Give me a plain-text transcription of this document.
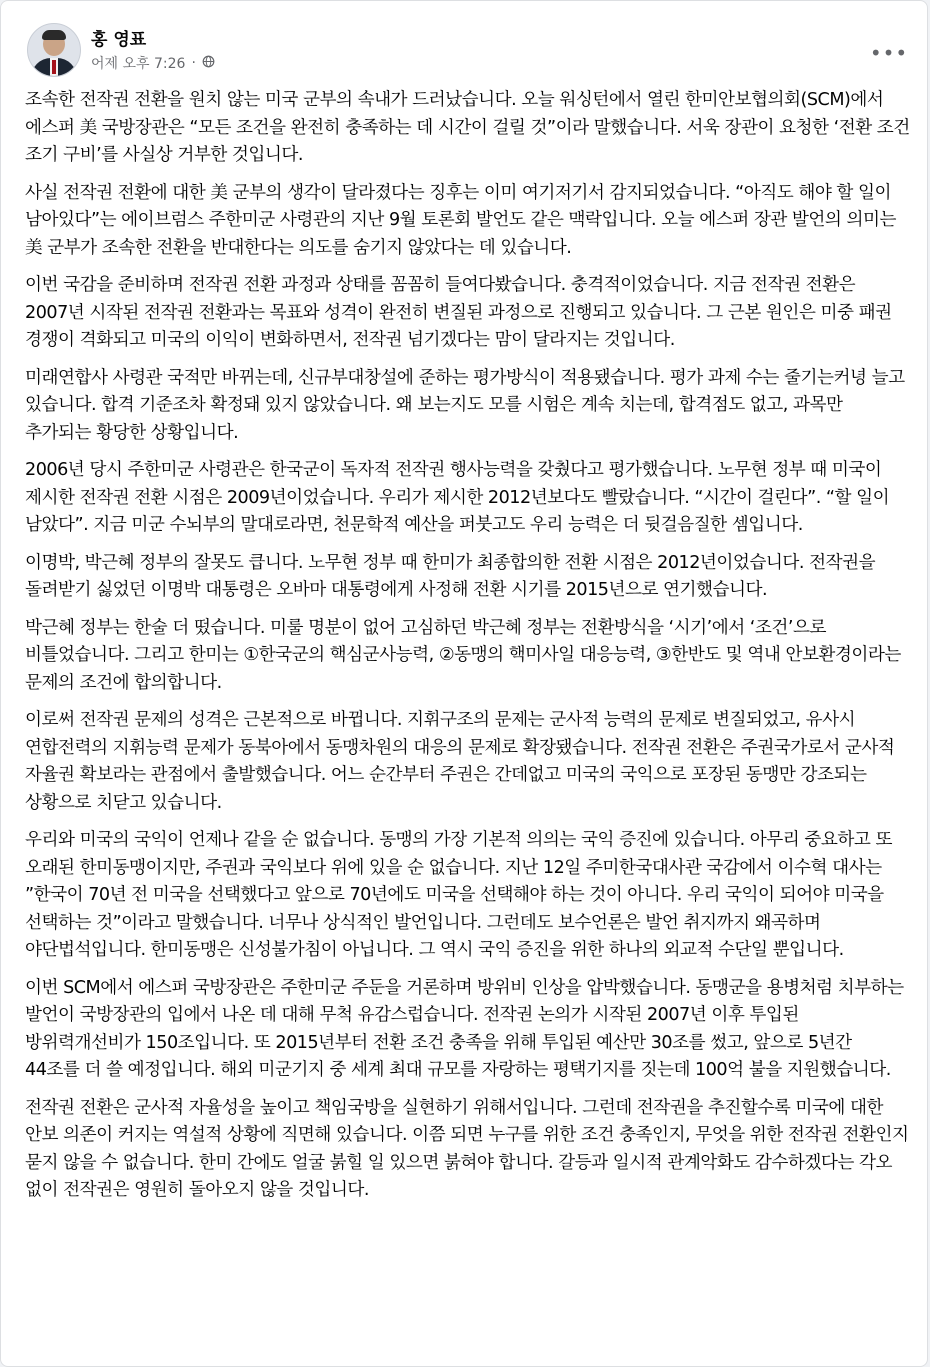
홍 영표
어제 오후 7:26 ·	•••

조속한 전작권 전환을 원치 않는 미국 군부의 속내가 드러났습니다. 오늘 워싱턴에서 열린 한미안보협의회(SCM)에서 에스퍼 美 국방장관은 “모든 조건을 완전히 충족하는 데 시간이 걸릴 것”이라 말했습니다. 서욱 장관이 요청한 ‘전환 조건 조기 구비’를 사실상 거부한 것입니다.

사실 전작권 전환에 대한 美 군부의 생각이 달라졌다는 징후는 이미 여기저기서 감지되었습니다. “아직도 해야 할 일이 남아있다”는 에이브럼스 주한미군 사령관의 지난 9월 토론회 발언도 같은 맥락입니다. 오늘 에스퍼 장관 발언의 의미는 美 군부가 조속한 전환을 반대한다는 의도를 숨기지 않았다는 데 있습니다.

이번 국감을 준비하며 전작권 전환 과정과 상태를 꼼꼼히 들여다봤습니다. 충격적이었습니다. 지금 전작권 전환은 2007년 시작된 전작권 전환과는 목표와 성격이 완전히 변질된 과정으로 진행되고 있습니다. 그 근본 원인은 미중 패권 경쟁이 격화되고 미국의 이익이 변화하면서, 전작권 넘기겠다는 맘이 달라지는 것입니다.

미래연합사 사령관 국적만 바뀌는데, 신규부대창설에 준하는 평가방식이 적용됐습니다. 평가 과제 수는 줄기는커녕 늘고 있습니다. 합격 기준조차 확정돼 있지 않았습니다. 왜 보는지도 모를 시험은 계속 치는데, 합격점도 없고, 과목만 추가되는 황당한 상황입니다.

2006년 당시 주한미군 사령관은 한국군이 독자적 전작권 행사능력을 갖췄다고 평가했습니다. 노무현 정부 때 미국이 제시한 전작권 전환 시점은 2009년이었습니다. 우리가 제시한 2012년보다도 빨랐습니다. “시간이 걸린다”. “할 일이 남았다”. 지금 미군 수뇌부의 말대로라면, 천문학적 예산을 퍼붓고도 우리 능력은 더 뒷걸음질한 셈입니다.

이명박, 박근혜 정부의 잘못도 큽니다. 노무현 정부 때 한미가 최종합의한 전환 시점은 2012년이었습니다. 전작권을 돌려받기 싫었던 이명박 대통령은 오바마 대통령에게 사정해 전환 시기를 2015년으로 연기했습니다.

박근혜 정부는 한술 더 떴습니다. 미룰 명분이 없어 고심하던 박근혜 정부는 전환방식을 ‘시기’에서 ‘조건’으로 비틀었습니다. 그리고 한미는 ①한국군의 핵심군사능력, ②동맹의 핵미사일 대응능력, ③한반도 및 역내 안보환경이라는 문제의 조건에 합의합니다.

이로써 전작권 문제의 성격은 근본적으로 바뀝니다. 지휘구조의 문제는 군사적 능력의 문제로 변질되었고, 유사시 연합전력의 지휘능력 문제가 동북아에서 동맹차원의 대응의 문제로 확장됐습니다. 전작권 전환은 주권국가로서 군사적 자율권 확보라는 관점에서 출발했습니다. 어느 순간부터 주권은 간데없고 미국의 국익으로 포장된 동맹만 강조되는 상황으로 치닫고 있습니다.

우리와 미국의 국익이 언제나 같을 순 없습니다. 동맹의 가장 기본적 의의는 국익 증진에 있습니다. 아무리 중요하고 또 오래된 한미동맹이지만, 주권과 국익보다 위에 있을 순 없습니다. 지난 12일 주미한국대사관 국감에서 이수혁 대사는 ”한국이 70년 전 미국을 선택했다고 앞으로 70년에도 미국을 선택해야 하는 것이 아니다. 우리 국익이 되어야 미국을 선택하는 것”이라고 말했습니다. 너무나 상식적인 발언입니다. 그런데도 보수언론은 발언 취지까지 왜곡하며 야단법석입니다. 한미동맹은 신성불가침이 아닙니다. 그 역시 국익 증진을 위한 하나의 외교적 수단일 뿐입니다.

이번 SCM에서 에스퍼 국방장관은 주한미군 주둔을 거론하며 방위비 인상을 압박했습니다. 동맹군을 용병처럼 치부하는 발언이 국방장관의 입에서 나온 데 대해 무척 유감스럽습니다. 전작권 논의가 시작된 2007년 이후 투입된 방위력개선비가 150조입니다. 또 2015년부터 전환 조건 충족을 위해 투입된 예산만 30조를 썼고, 앞으로 5년간 44조를 더 쓸 예정입니다. 해외 미군기지 중 세계 최대 규모를 자랑하는 평택기지를 짓는데 100억 불을 지원했습니다.

전작권 전환은 군사적 자율성을 높이고 책임국방을 실현하기 위해서입니다. 그런데 전작권을 추진할수록 미국에 대한 안보 의존이 커지는 역설적 상황에 직면해 있습니다. 이쯤 되면 누구를 위한 조건 충족인지, 무엇을 위한 전작권 전환인지 묻지 않을 수 없습니다. 한미 간에도 얼굴 붉힐 일 있으면 붉혀야 합니다. 갈등과 일시적 관계악화도 감수하겠다는 각오 없이 전작권은 영원히 돌아오지 않을 것입니다.
